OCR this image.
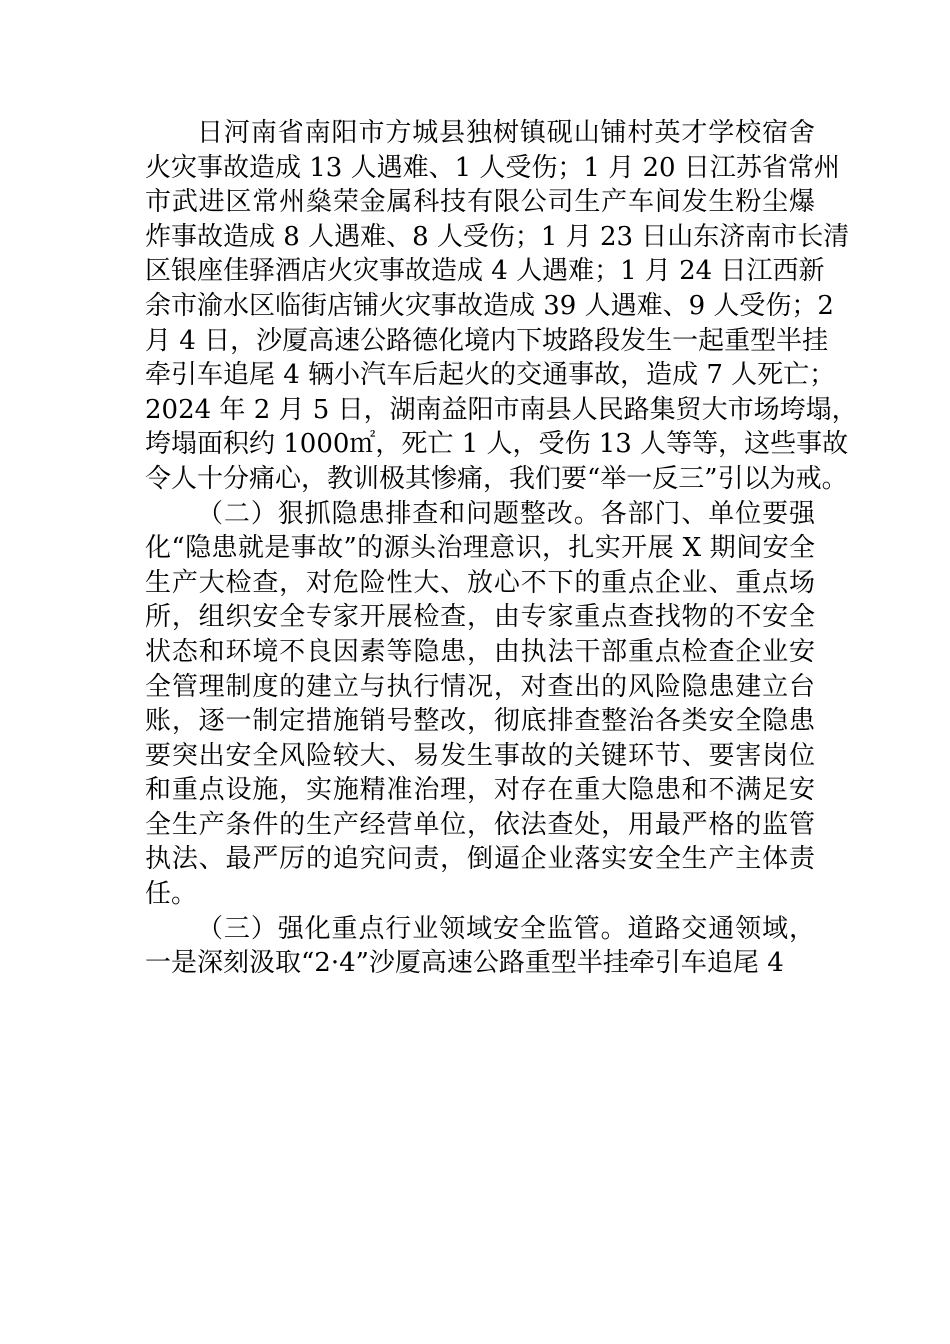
日河南省南阳市方城县独树镇砚山铺村英才学校宿舍
火灾事故造成 13 人遇难、1 人受伤；1 月 20 日江苏省常州
市武进区常州燊荣金属科技有限公司生产车间发生粉尘爆
炸事故造成 8 人遇难、8 人受伤；1 月 23 日山东济南市长清
区银座佳驿酒店火灾事故造成 4 人遇难；1 月 24 日江西新
余市渝水区临街店铺火灾事故造成 39 人遇难、9 人受伤；2
月 4 日，沙厦高速公路德化境内下坡路段发生一起重型半挂
牵引车追尾 4 辆小汽车后起火的交通事故，造成 7 人死亡；
2024 年 2 月 5 日，湖南益阳市南县人民路集贸大市场垮塌，
垮塌面积约 1000㎡，死亡 1 人，受伤 13 人等等，这些事故
令人十分痛心，教训极其惨痛，我们要“举一反三”引以为戒。
（二）狠抓隐患排查和问题整改。各部门、单位要强
化“隐患就是事故”的源头治理意识，扎实开展 X 期间安全
生产大检查，对危险性大、放心不下的重点企业、重点场
所，组织安全专家开展检查，由专家重点查找物的不安全
状态和环境不良因素等隐患，由执法干部重点检查企业安
全管理制度的建立与执行情况，对查出的风险隐患建立台
账，逐一制定措施销号整改，彻底排查整治各类安全隐患
要突出安全风险较大、易发生事故的关键环节、要害岗位
和重点设施，实施精准治理，对存在重大隐患和不满足安
全生产条件的生产经营单位，依法查处，用最严格的监管
执法、最严厉的追究问责，倒逼企业落实安全生产主体责
任。
（三）强化重点行业领域安全监管。道路交通领域，
一是深刻汲取“2·4”沙厦高速公路重型半挂牵引车追尾 4
